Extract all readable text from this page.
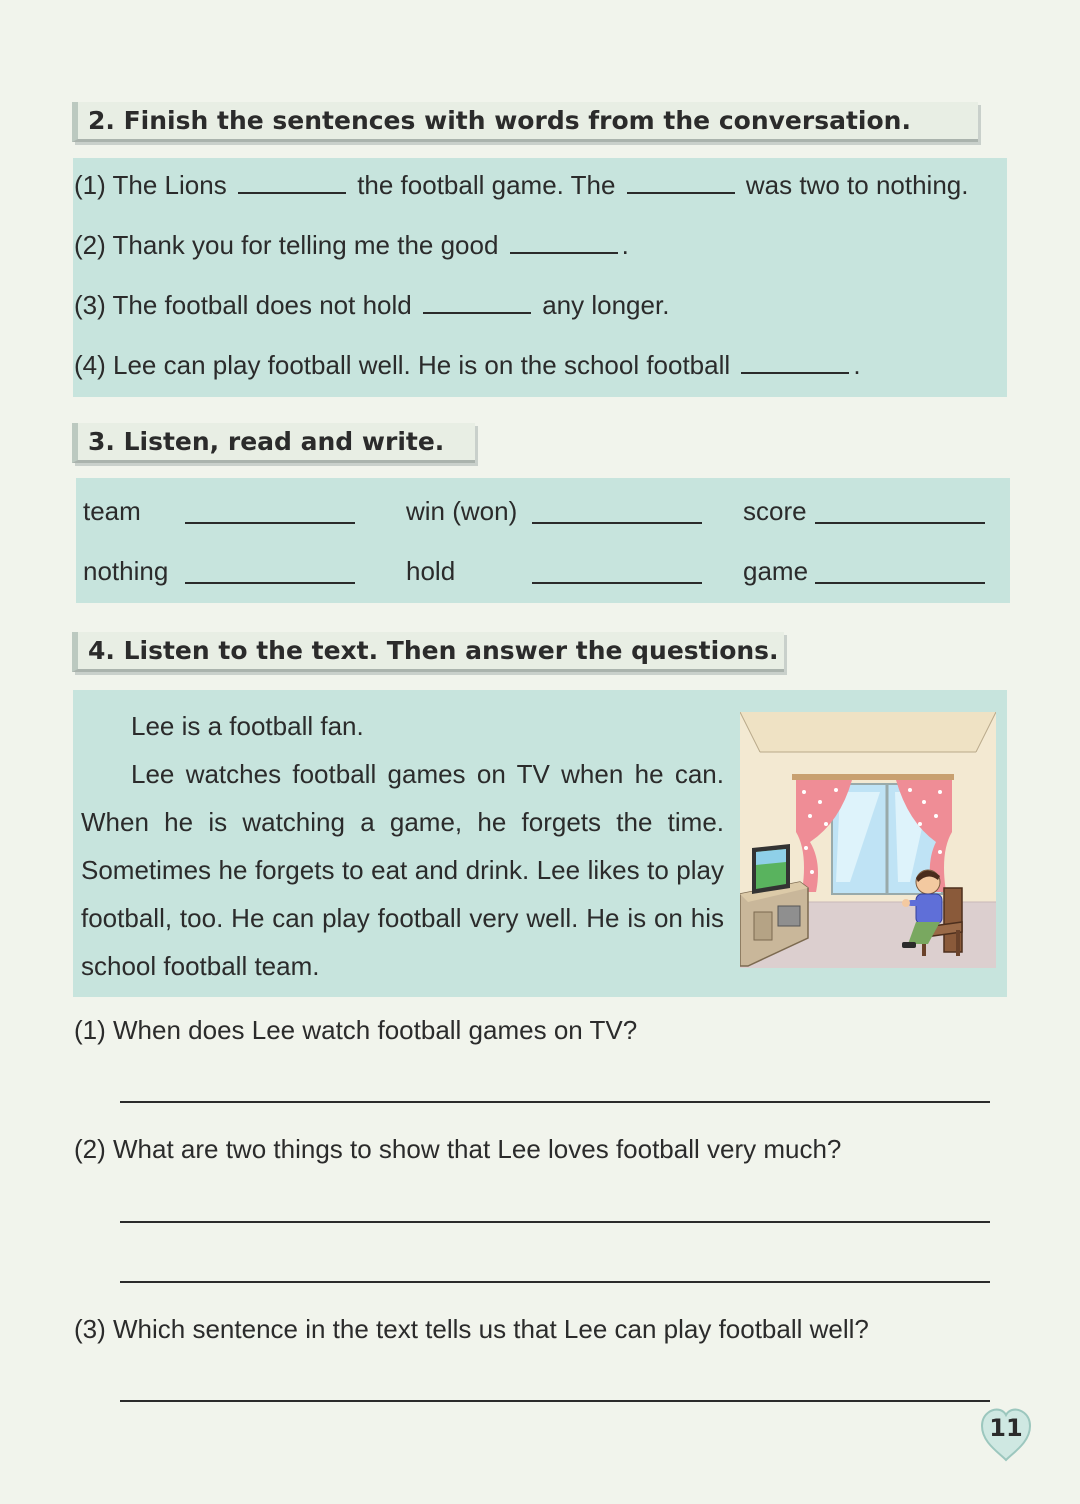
2. Finish the sentences with words from the conversation.
(1) The Lions	the football game. The	was two to nothing.
(2) Thank you for telling me the good	.
(3) The football does not hold	any longer.
(4) Lee can play football well. He is on the school football	.
3. Listen, read and write.
team	win (won)	score
nothing	hold	game
4. Listen to the text. Then answer the questions.

Lee is a football fan.

Lee watches football games on TV when he can. When he is watching a game, he forgets the time. Sometimes he forgets to eat and drink. Lee likes to play football, too. He can play football very well. He is on his school football team.

(1) When does Lee watch football games on TV?
(2) What are two things to show that Lee loves football very much?
(3) Which sentence in the text tells us that Lee can play football well?
11
